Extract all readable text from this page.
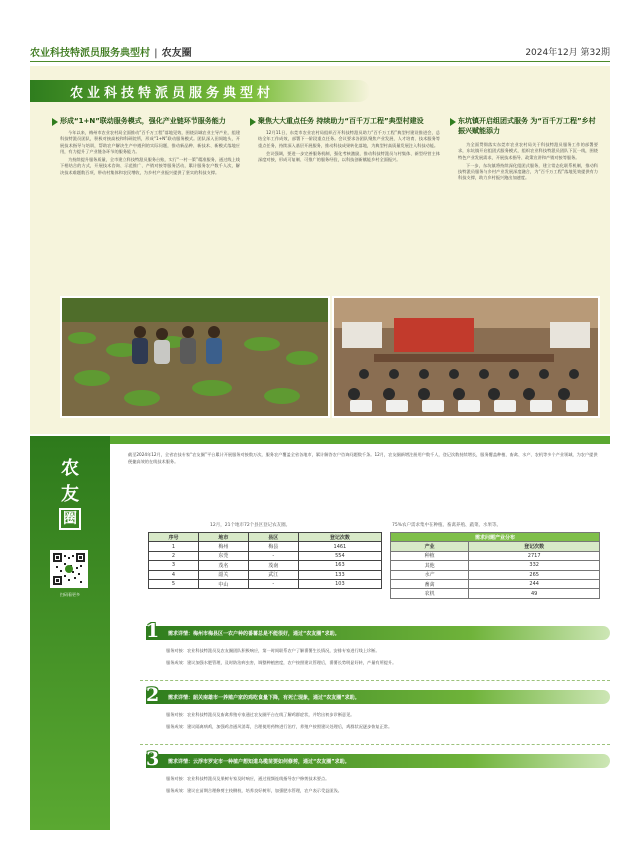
农业科技特派员服务典型村 | 农友圈	2024年12月 第32期
农业科技特派员服务典型村
形成“1+N”联动服务模式，强化产业链环节服务能力

今年以来，梅州市农业农村局全面推动“百千万工程”落地见效，围绕县域农业主导产业，组建科技特派员团队，积极对接高校和科研院所，形成“1+N”联动服务模式。团队深入田间地头，开展技术指导与培训，帮助农户解决生产中遇到的实际问题，推动新品种、新技术、新模式落地应用，有力提升了产业链各环节的服务能力。

为持续提升服务质量，全市建立科技特派员服务台账，实行“一村一策”精准服务，通过线上线下相结合的方式，开展技术咨询、示范推广、产销对接等服务活动，累计服务农户数千人次，解决技术难题数百项，带动村集体和农民增收，为乡村产业振兴提供了坚实的科技支撑。

聚焦大大重点任务 持续助力“百千万工程”典型村建设

12月11日，东莞市农业农村局组织召开科技特派员助力“百千万工程”典型村建设推进会，总结全年工作成效，部署下一阶段重点任务。会议要求各团队聚焦产业发展、人才培育、技术服务等重点任务，持续深入基层开展服务，推动科技成果转化落地，为典型村高质量发展注入科技动能。

会议强调，要进一步完善服务机制，强化考核激励，推动科技特派员与村集体、新型经营主体深度对接，形成可复制、可推广的服务经验，以科技创新赋能乡村全面振兴。

东坑镇开启组团式服务 为“百千万工程”乡村振兴赋能添力

为全面贯彻落实东莞市农业农村局关于科技特派员服务工作的部署要求，东坑镇开启组团式服务模式，组织农业科技特派员团队下沉一线，围绕特色产业发展需求，开展技术指导、政策宣讲和产销对接等服务。

下一步，东坑镇将持续深化组团式服务，建立常态化联系机制，推动科技特派员服务与乡村产业发展深度融合，为“百千万工程”落地见效提供有力科技支撑，助力乡村振兴跑出加速度。

农
友
圈
扫码看更多
截至2024年12月，全省农技专家“农友圈”平台累计开展服务对接数万次，服务农户覆盖全省各地市，累计解答农户咨询问题数千条。12月，农友圈新增注册用户数千人，登记次数持续增长，服务覆盖种植、畜禽、水产、农机等多个产业领域，为农户提供便捷高效的在线技术服务。
12月，21个地市72个县区登记农友圈。
序号	地市	县区	登记次数
1	梅州	梅县	1461
2	东莞	-	554
3	茂名	茂南	163
4	韶关	武江	133
5	中山	-	103
75%农户需求集中在种植、畜禽养殖、蔬菜、水果等。
需求问题产业分布	
产业	登记次数
种植	2717
其他	332
水产	265
畜禽	244
农机	49
1	需求详情：梅州市梅县区一农户种的番薯总是不能很好，通过“农友圈”求助。
服务对接：农业科技特派员及农友圈团队积极响应，第一时间联系农户了解番薯生长情况，安排专家进行线上诊断。
服务成效：建议加强水肥管理，及时防治病虫害，调整种植密度，农户按照建议管理后，番薯长势明显好转，产量有所提升。
2	需求详情：韶关南雄市一养殖户家的鸡吃食量下降，有死亡现象，通过“农友圈”求助。
服务对接：农业科技特派员及畜禽养殖专家通过农友圈平台在线了解鸡群症状，并给出初步诊断意见。
服务成效：建议隔离病鸡，加强鸡舍通风消毒，合理使用药物进行治疗，养殖户按照建议处理后，鸡群状况逐步恢复正常。
3	需求详情：云浮市罗定市一种植户想知道乌榄苗要如何修剪，通过“农友圈”求助。
服务对接：农业科技特派员及果树专家及时响应，通过视频连线指导农户修剪技术要点。
服务成效：建议在苗期合理修剪主枝侧枝，培养良好树形，加强肥水管理，农户表示受益匪浅。
